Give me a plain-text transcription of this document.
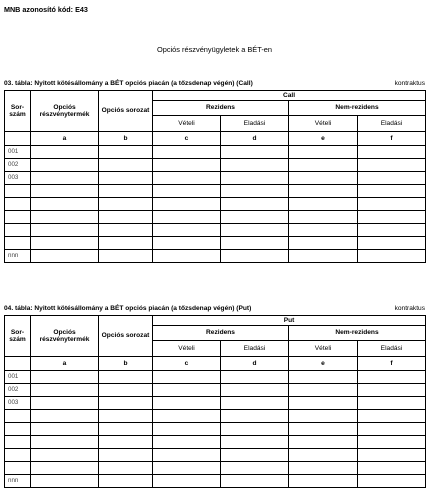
MNB azonosító kód: E43
Opciós részvényügyletek a BÉT-en
03. tábla: Nyitott kötésállomány a BÉT opciós piacán (a tőzsdenap végén) (Call)	kontraktus
Sor-szám	Opciós részvénytermék	Opciós sorozat	Call			
			Rezidens		Nem-rezidens	
			Vételi	Eladási	Vételi	Eladási
	a	b	c	d	e	f
001						
002						
003						

nnn						
04. tábla: Nyitott kötésállomány a BÉT opciós piacán (a tőzsdenap végén) (Put)	kontraktus
Sor-szám	Opciós részvénytermék	Opciós sorozat	Put			
			Rezidens		Nem-rezidens	
			Vételi	Eladási	Vételi	Eladási
	a	b	c	d	e	f
001						
002						
003						

nnn						
